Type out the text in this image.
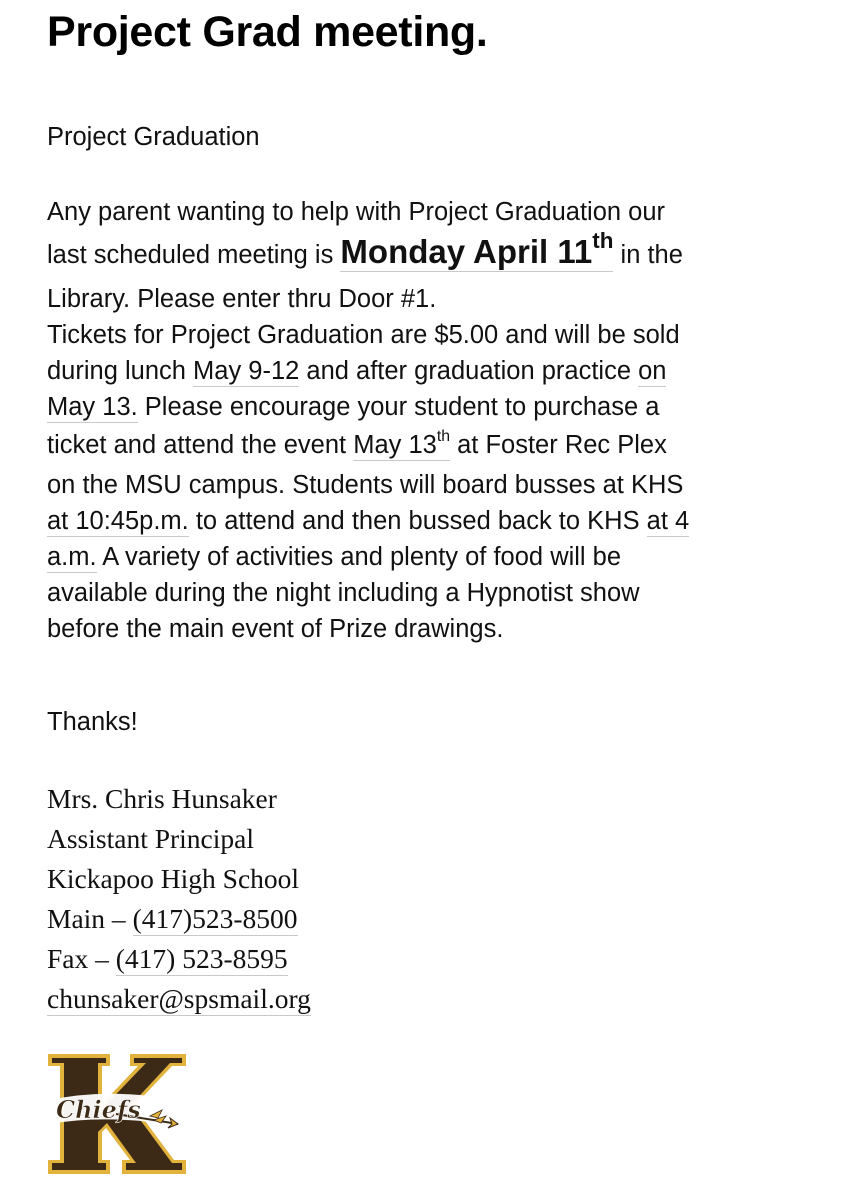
Project Grad meeting.
Project Graduation
Any parent wanting to help with Project Graduation our
last scheduled meeting is Monday April 11th in the
Library. Please enter thru Door #1.
Tickets for Project Graduation are $5.00 and will be sold
during lunch May 9-12 and after graduation practice on
May 13. Please encourage your student to purchase a
ticket and attend the event May 13th at Foster Rec Plex
on the MSU campus. Students will board busses at KHS
at 10:45p.m. to attend and then bussed back to KHS at 4
a.m. A variety of activities and plenty of food will be
available during the night including a Hypnotist show
before the main event of Prize drawings.
Thanks!
Mrs. Chris Hunsaker
Assistant Principal
Kickapoo High School
Main – (417)523-8500
Fax – (417) 523-8595
chunsaker@spsmail.org
Chiefs
